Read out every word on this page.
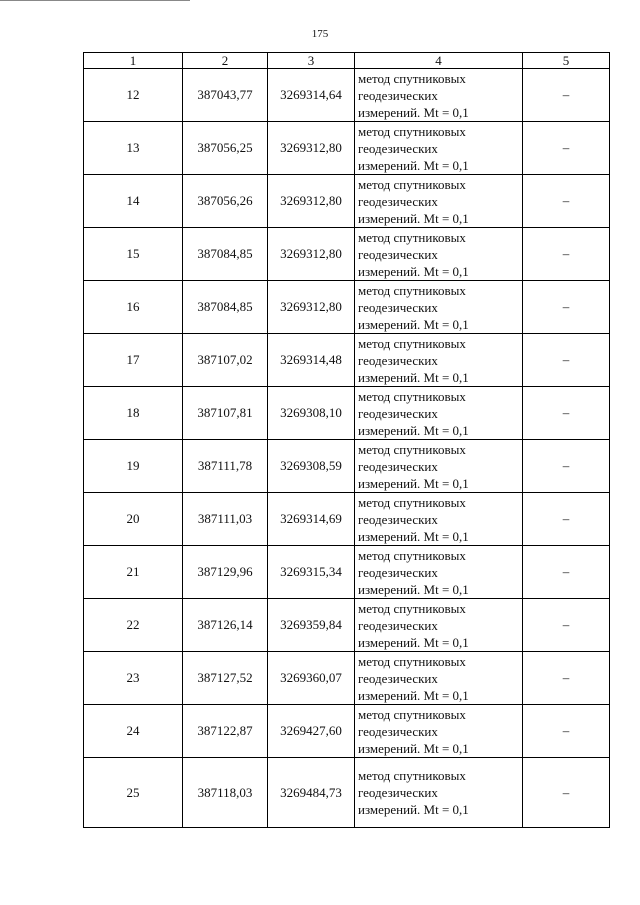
175
1	2	3	4	5
12	387043,77	3269314,64	метод спутниковых
геодезических
измерений. Mt = 0,1	–
13	387056,25	3269312,80	метод спутниковых
геодезических
измерений. Mt = 0,1	–
14	387056,26	3269312,80	метод спутниковых
геодезических
измерений. Mt = 0,1	–
15	387084,85	3269312,80	метод спутниковых
геодезических
измерений. Mt = 0,1	–
16	387084,85	3269312,80	метод спутниковых
геодезических
измерений. Mt = 0,1	–
17	387107,02	3269314,48	метод спутниковых
геодезических
измерений. Mt = 0,1	–
18	387107,81	3269308,10	метод спутниковых
геодезических
измерений. Mt = 0,1	–
19	387111,78	3269308,59	метод спутниковых
геодезических
измерений. Mt = 0,1	–
20	387111,03	3269314,69	метод спутниковых
геодезических
измерений. Mt = 0,1	–
21	387129,96	3269315,34	метод спутниковых
геодезических
измерений. Mt = 0,1	–
22	387126,14	3269359,84	метод спутниковых
геодезических
измерений. Mt = 0,1	–
23	387127,52	3269360,07	метод спутниковых
геодезических
измерений. Mt = 0,1	–
24	387122,87	3269427,60	метод спутниковых
геодезических
измерений. Mt = 0,1	–
25	387118,03	3269484,73	метод спутниковых
геодезических
измерений. Mt = 0,1	–
